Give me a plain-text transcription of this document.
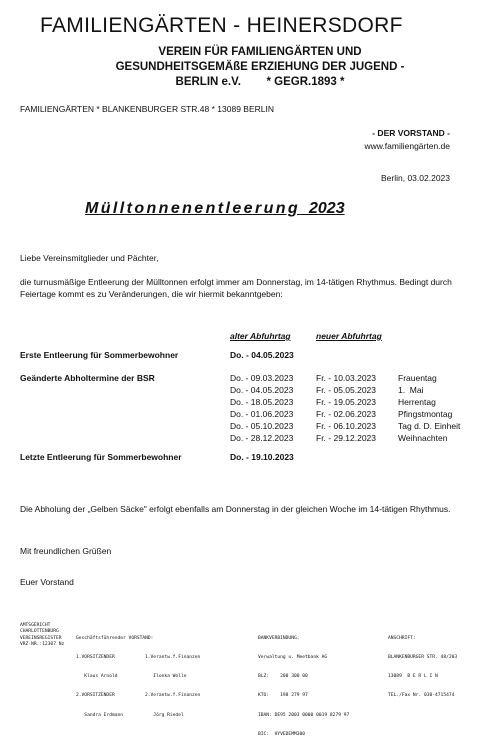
FAMILIENGÄRTEN - HEINERSDORF
VEREIN FÜR FAMILIENGÄRTEN UND
GESUNDHEITSGEMÄßE ERZIEHUNG DER JUGEND -
BERLIN e.V.        * GEGR.1893 *
FAMILIENGÄRTEN * BLANKENBURGER STR.48 * 13089 BERLIN
- DER VORSTAND -
www.familiengärten.de
Berlin, 03.02.2023
Mülltonnenentleerung 2023
Liebe Vereinsmitglieder und Pächter,
die turnusmäßige Entleerung der Mülltonnen erfolgt immer am Donnerstag, im 14-tätigen Rhythmus. Bedingt durch Feiertage kommt es zu Veränderungen, die wir hiermit bekanntgeben:
alter Abfuhrtag	neuer Abfuhrtag
Erste Entleerung für Sommerbewohner	Do. - 04.05.2023
Geänderte Abholtermine der BSR	Do. - 09.03.2023	Fr. - 10.03.2023	Frauentag
Do. - 04.05.2023	Fr. - 05.05.2023	1.  Mai
Do. - 18.05.2023	Fr. - 19.05.2023	Herrentag
Do. - 01.06.2023	Fr. - 02.06.2023	Pfingstmontag
Do. - 05.10.2023	Fr. - 06.10.2023	Tag d. D. Einheit
Do. - 28.12.2023	Fr. - 29.12.2023	Weihnachten
Letzte Entleerung für Sommerbewohner	Do. - 19.10.2023
Die Abholung der „Gelben Säcke" erfolgt ebenfalls am Donnerstag in der gleichen Woche im 14-tätigen Rhythmus.
Mit freundlichen Grüßen
Euer Vorstand
AMTSGERICHT
CHARLOTTENBURG
VEREINSREGISTER
VRZ-NR.:12307 Nz

Geschäftsführender VORSTAND:

1.VORSITZENDER

Klaus Arnold

2.VORSITZENDER

Sandra Erdmann

1.Verantw.f.Finanzen

Ilonka Wolle

2.Verantw.f.Finanzen

Jörg Riedel

BANKVERBINDUNG:

Verwaltung u. Meetbank AG

BLZ:    200 300 00

KTO:    198 279 97

IBAN: DE95 2003 0000 0019 8279 97

BIC:  HYVEDEMM300

ANSCHRIFT:

BLANKENBURGER STR. 48/203

13089  B E R L I N

TEL./Fax Nr. 030-4715474
